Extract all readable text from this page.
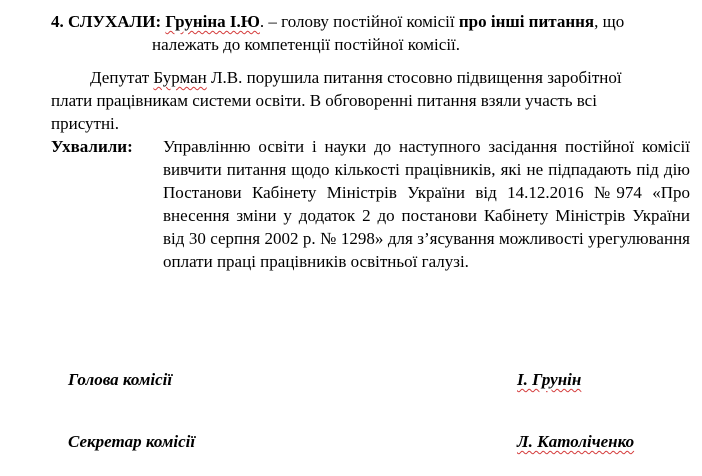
4. СЛУХАЛИ: Груніна І.Ю. – голову постійної комісії про інші питання, що
належать до компетенції постійної комісії.
Депутат Бурман Л.В. порушила питання стосовно підвищення заробітної
плати працівникам системи освіти. В обговоренні питання взяли участь всі
присутні.
Ухвалили: Управлінню освіти і науки до наступного засідання постійної комісії вивчити питання щодо кількості працівників, які не підпадають під дію Постанови Кабінету Міністрів України від 14.12.2016 №974 «Про внесення зміни у додаток 2 до постанови Кабінету Міністрів України від 30 серпня 2002 р. № 1298» для з’ясування можливості урегулювання оплати праці працівників освітньої галузі.
Голова комісії	І. Грунін
Секретар комісії	Л. Католіченко
